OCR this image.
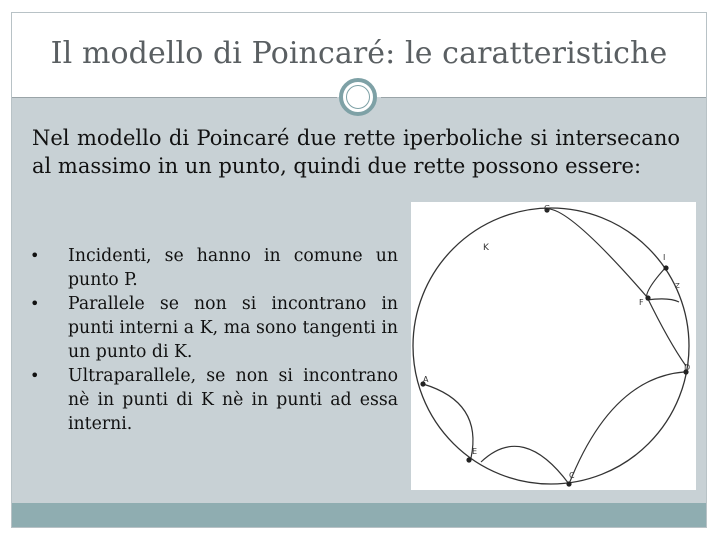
Il modello di Poincaré: le caratteristiche
Nel modello di Poincaré due rette iperboliche si intersecano al massimo in un punto, quindi due rette possono essere:
• Incidenti, se hanno in comune un punto P.
• Parallele se non si incontrano in punti interni a K, ma sono tangenti in un punto di K.
• Ultraparallele, se non si incontrano nè in punti di K nè in punti ad essa interni.
K
G
I
Z
F
D
A
E
C
